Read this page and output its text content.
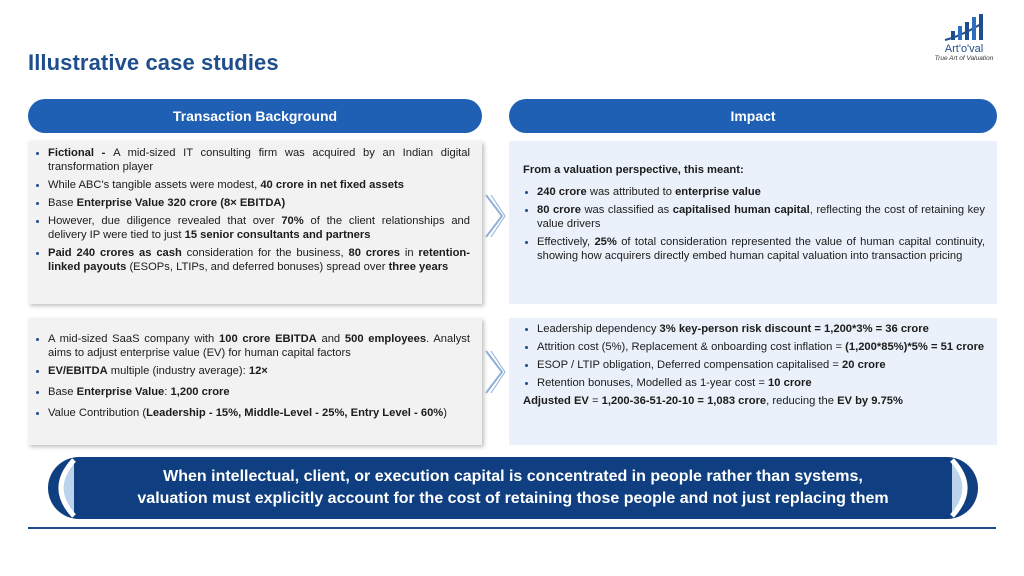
Illustrative case studies
Art'o'val
True Art of Valuation
Transaction Background	Impact
• Fictional - A mid-sized IT consulting firm was acquired by an Indian digital transformation player
• While ABC's tangible assets were modest, 40 crore in net fixed assets
• Base Enterprise Value 320 crore (8× EBITDA)
• However, due diligence revealed that over 70% of the client relationships and delivery IP were tied to just 15 senior consultants and partners
• Paid 240 crores as cash consideration for the business, 80 crores in retention-linked payouts (ESOPs, LTIPs, and deferred bonuses) spread over three years
From a valuation perspective, this meant:
• 240 crore was attributed to enterprise value
• 80 crore was classified as capitalised human capital, reflecting the cost of retaining key value drivers
• Effectively, 25% of total consideration represented the value of human capital continuity, showing how acquirers directly embed human capital valuation into transaction pricing
• A mid-sized SaaS company with 100 crore EBITDA and 500 employees. Analyst aims to adjust enterprise value (EV) for human capital factors
• EV/EBITDA multiple (industry average): 12×
• Base Enterprise Value: 1,200 crore
• Value Contribution (Leadership - 15%, Middle-Level - 25%, Entry Level - 60%)
• Leadership dependency 3% key-person risk discount = 1,200*3% = 36 crore
• Attrition cost (5%), Replacement & onboarding cost inflation = (1,200*85%)*5% = 51 crore
• ESOP / LTIP obligation, Deferred compensation capitalised = 20 crore
• Retention bonuses, Modelled as 1-year cost = 10 crore
Adjusted EV = 1,200-36-51-20-10 = 1,083 crore, reducing the EV by 9.75%
When intellectual, client, or execution capital is concentrated in people rather than systems,
valuation must explicitly account for the cost of retaining those people and not just replacing them
